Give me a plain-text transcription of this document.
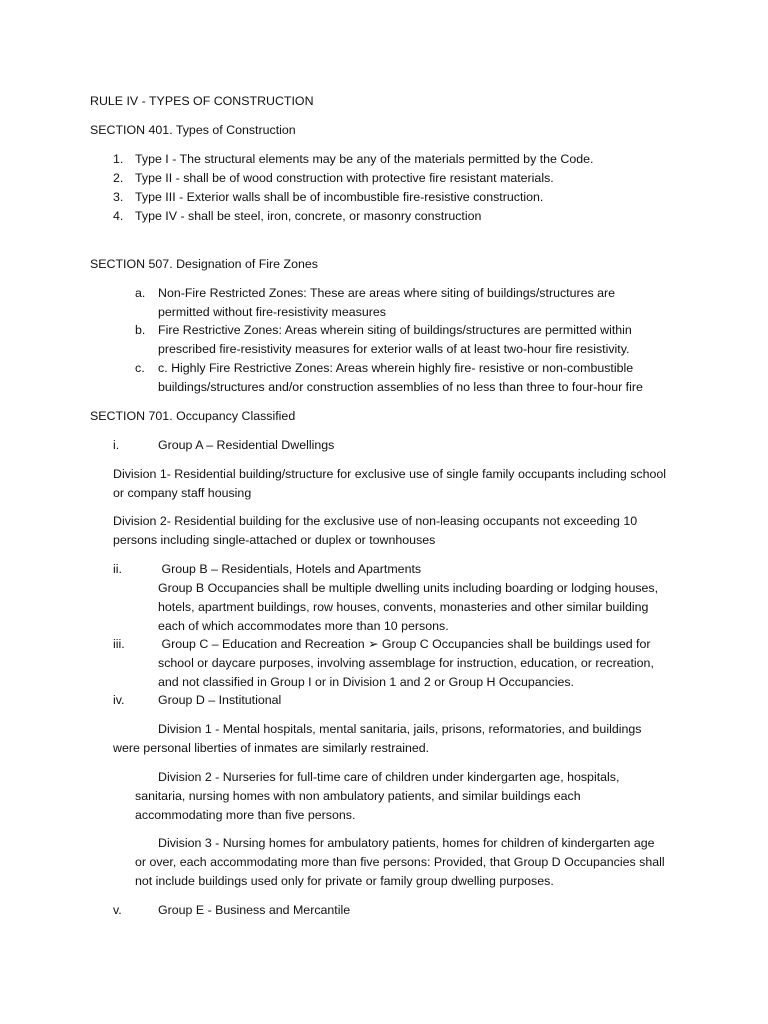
RULE IV - TYPES OF CONSTRUCTION
SECTION 401. Types of Construction
1. Type I - The structural elements may be any of the materials permitted by the Code.
2. Type II - shall be of wood construction with protective fire resistant materials.
3. Type III - Exterior walls shall be of incombustible fire-resistive construction.
4. Type IV - shall be steel, iron, concrete, or masonry construction
SECTION 507. Designation of Fire Zones
a. Non-Fire Restricted Zones: These are areas where siting of buildings/structures are
permitted without fire-resistivity measures
b. Fire Restrictive Zones: Areas wherein siting of buildings/structures are permitted within
prescribed fire-resistivity measures for exterior walls of at least two-hour fire resistivity.
c. c. Highly Fire Restrictive Zones: Areas wherein highly fire- resistive or non-combustible
buildings/structures and/or construction assemblies of no less than three to four-hour fire
SECTION 701. Occupancy Classified
i.	Group A – Residential Dwellings
Division 1- Residential building/structure for exclusive use of single family occupants including school
or company staff housing
Division 2- Residential building for the exclusive use of non-leasing occupants not exceeding 10
persons including single-attached or duplex or townhouses
ii.	Group B – Residentials, Hotels and Apartments
Group B Occupancies shall be multiple dwelling units including boarding or lodging houses,
hotels, apartment buildings, row houses, convents, monasteries and other similar building
each of which accommodates more than 10 persons.
iii.	Group C – Education and Recreation ➢ Group C Occupancies shall be buildings used for
school or daycare purposes, involving assemblage for instruction, education, or recreation,
and not classified in Group I or in Division 1 and 2 or Group H Occupancies.
iv.	Group D – Institutional
Division 1 - Mental hospitals, mental sanitaria, jails, prisons, reformatories, and buildings
were personal liberties of inmates are similarly restrained.
Division 2 - Nurseries for full-time care of children under kindergarten age, hospitals,
sanitaria, nursing homes with non ambulatory patients, and similar buildings each
accommodating more than five persons.
Division 3 - Nursing homes for ambulatory patients, homes for children of kindergarten age
or over, each accommodating more than five persons: Provided, that Group D Occupancies shall
not include buildings used only for private or family group dwelling purposes.
v.	Group E - Business and Mercantile
